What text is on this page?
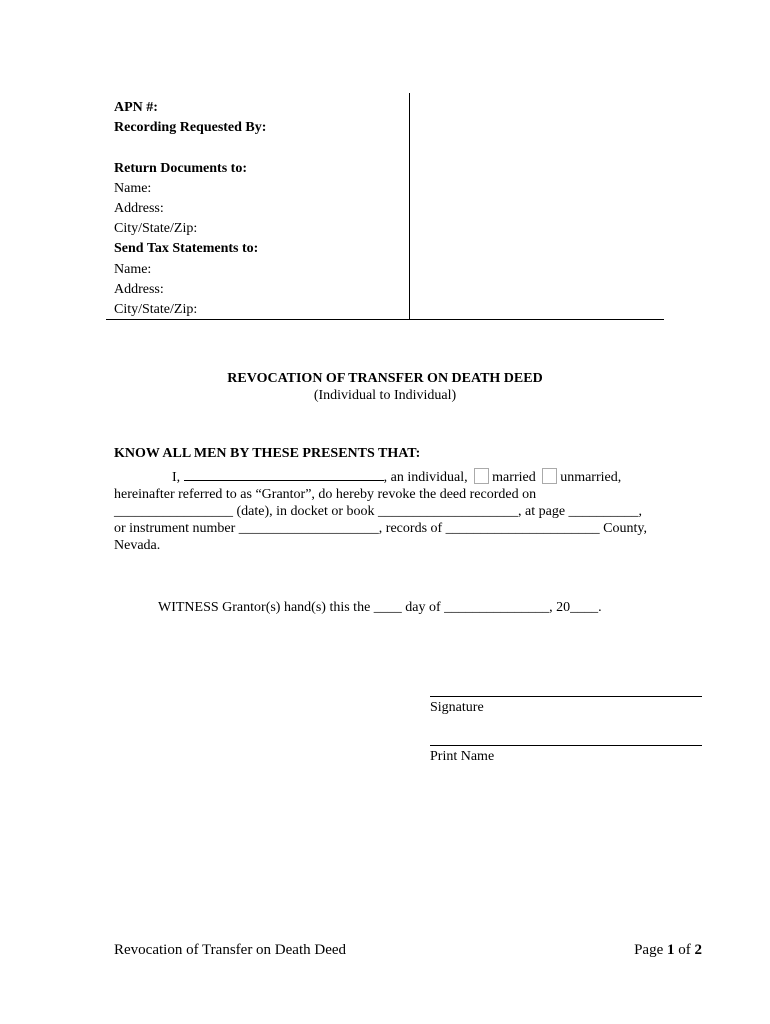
APN #:
Recording Requested By:
Return Documents to:
Name:
Address:
City/State/Zip:
Send Tax Statements to:
Name:
Address:
City/State/Zip:
REVOCATION OF TRANSFER ON DEATH DEED
(Individual to Individual)
KNOW ALL MEN BY THESE PRESENTS THAT:
I,	, an individual, married unmarried,
hereinafter referred to as “Grantor”, do hereby revoke the deed recorded on
_________________ (date), in docket or book ____________________, at page __________,
or instrument number ____________________, records of ______________________ County,
Nevada.
WITNESS Grantor(s) hand(s) this the ____ day of _______________, 20____.
Signature
Print Name
Revocation of Transfer on Death Deed	Page 1 of 2
